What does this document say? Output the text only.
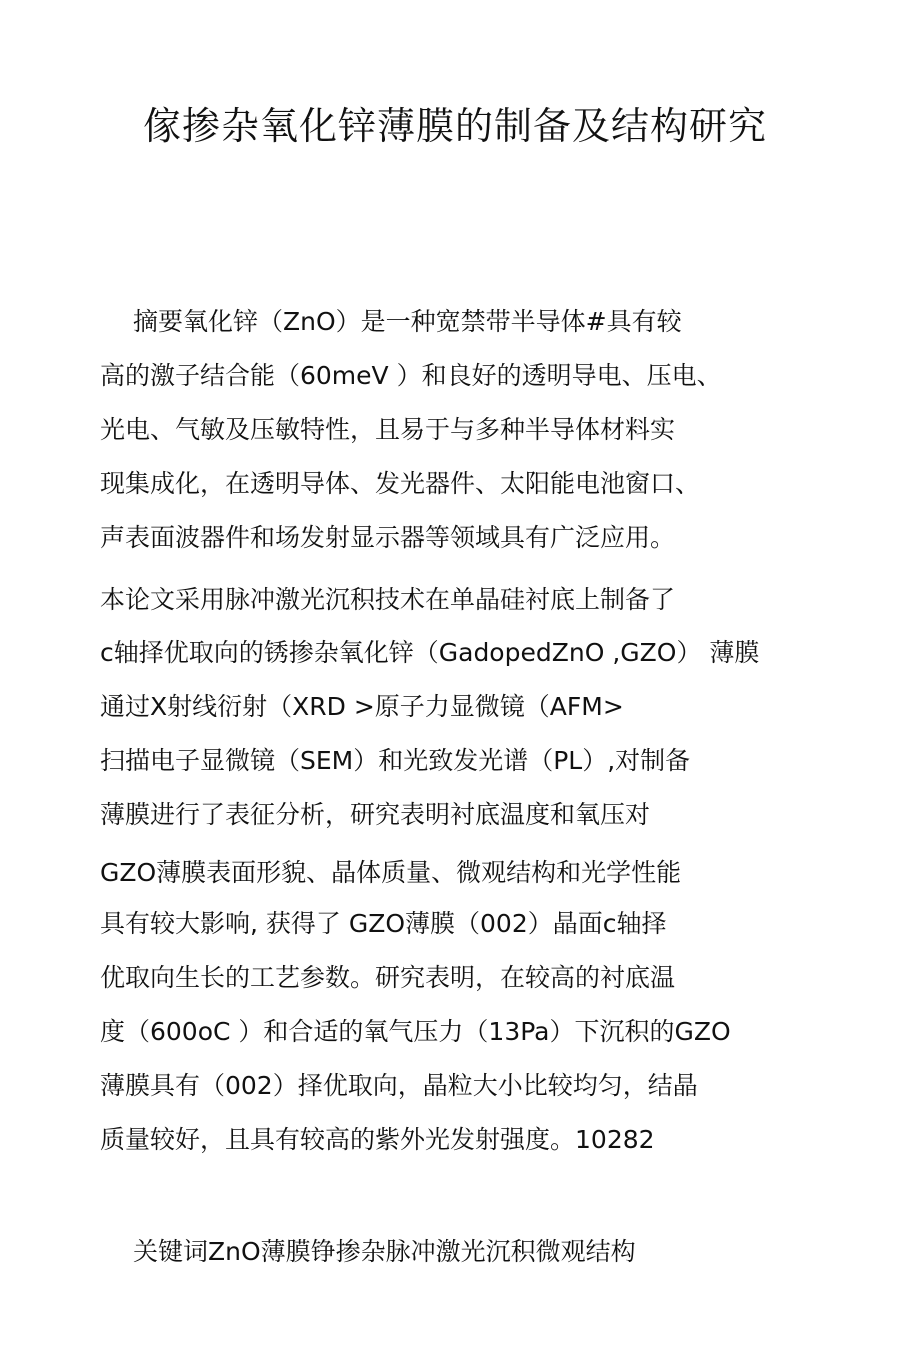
傢掺杂氧化锌薄膜的制备及结构研究

摘要氧化锌（ZnO）是一种宽禁带半导体#具有较

高的激子结合能（60meV ）和良好的透明导电、压电、

光电、气敏及压敏特性，且易于与多种半导体材料实

现集成化，在透明导体、发光器件、太阳能电池窗口、

声表面波器件和场发射显示器等领域具有广泛应用。

本论文采用脉冲激光沉积技术在单晶硅衬底上制备了

c轴择优取向的锈掺杂氧化锌（GadopedZnO ,GZO） 薄膜

通过X射线衍射（XRD >原子力显微镜（AFM>

扫描电子显微镜（SEM）和光致发光谱（PL）,对制备

薄膜进行了表征分析，研究表明衬底温度和氧压对

GZO薄膜表面形貌、晶体质量、微观结构和光学性能

具有较大影响, 获得了 GZO薄膜（002）晶面c轴择

优取向生长的工艺参数。研究表明，在较高的衬底温

度（600oC ）和合适的氧气压力（13Pa）下沉积的GZO

薄膜具有（002）择优取向，晶粒大小比较均匀，结晶

质量较好，且具有较高的紫外光发射强度。10282

关键词ZnO薄膜铮掺杂脉冲激光沉积微观结构
